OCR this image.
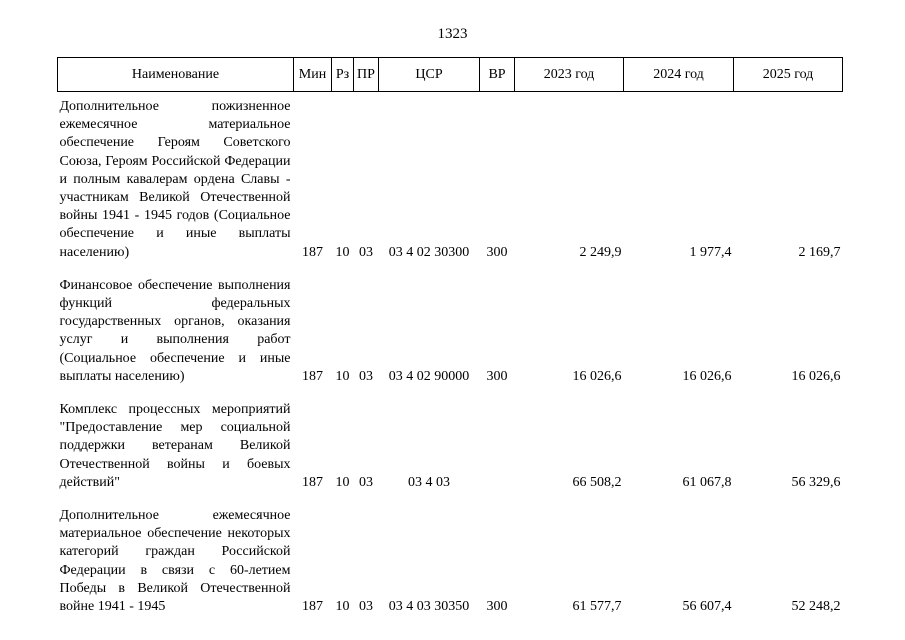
1323
Наименование	Мин	Рз	ПР	ЦСР	ВР	2023 год	2024 год	2025 год

Дополнительное пожизненное ежемесячное материальное обеспечение Героям Советского Союза, Героям Российской Федерации и полным кавалерам ордена Славы - участникам Великой Отечественной войны 1941 - 1945 годов (Социальное обеспечение и иные выплаты населению)	187	10	03	03 4 02 30300	300	2 249,9	1 977,4	2 169,7

Финансовое обеспечение выполнения функций федеральных государственных органов, оказания услуг и выполнения работ (Социальное обеспечение и иные выплаты населению)	187	10	03	03 4 02 90000	300	16 026,6	16 026,6	16 026,6

Комплекс процессных мероприятий "Предоставление мер социальной поддержки ветеранам Великой Отечественной войны и боевых действий"	187	10	03	03 4 03		66 508,2	61 067,8	56 329,6

Дополнительное ежемесячное материальное обеспечение некоторых категорий граждан Российской Федерации в связи с 60-летием Победы в Великой Отечественной войне 1941 - 1945	187	10	03	03 4 03 30350	300	61 577,7	56 607,4	52 248,2
